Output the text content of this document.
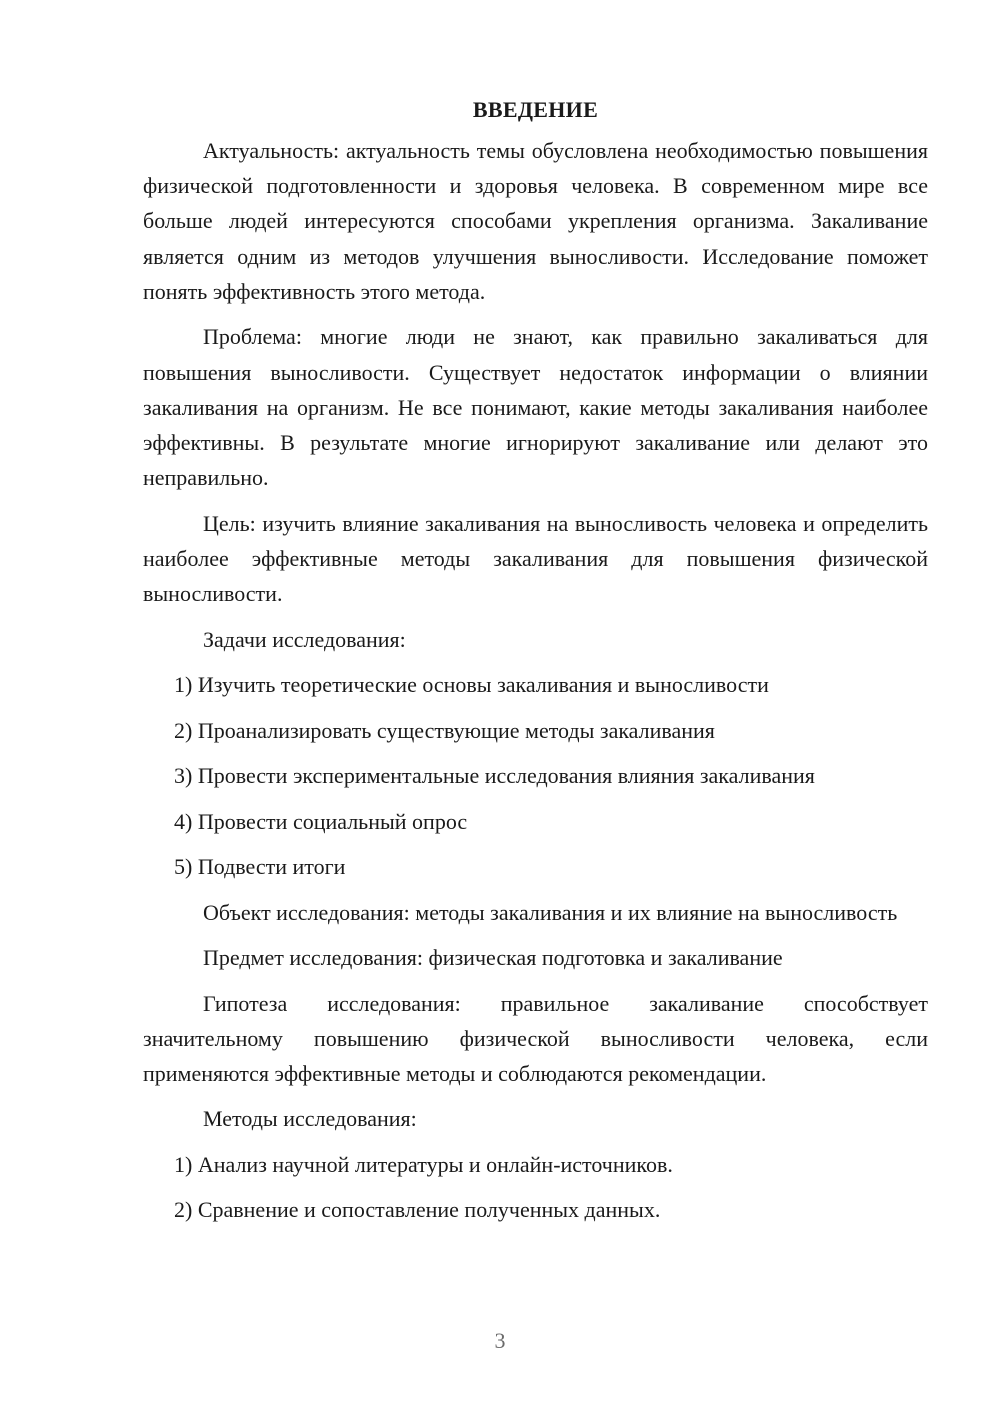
ВВЕДЕНИЕ

Актуальность: актуальность темы обусловлена необходимостью повышения физической подготовленности и здоровья человека. В современном мире все больше людей интересуются способами укрепления организма. Закаливание является одним из методов улучшения выносливости. Исследование поможет понять эффективность этого метода.

Проблема: многие люди не знают, как правильно закаливаться для повышения выносливости. Существует недостаток информации о влиянии закаливания на организм. Не все понимают, какие методы закаливания наиболее эффективны. В результате многие игнорируют закаливание или делают это неправильно.

Цель: изучить влияние закаливания на выносливость человека и определить наиболее эффективные методы закаливания для повышения физической выносливости.

Задачи исследования:

1) Изучить теоретические основы закаливания и выносливости
2) Проанализировать существующие методы закаливания
3) Провести экспериментальные исследования влияния закаливания
4) Провести социальный опрос
5) Подвести итоги

Объект исследования: методы закаливания и их влияние на выносливость

Предмет исследования: физическая подготовка и закаливание

Гипотеза исследования: правильное закаливание способствует значительному повышению физической выносливости человека, если применяются эффективные методы и соблюдаются рекомендации.

Методы исследования:

1) Анализ научной литературы и онлайн-источников.
2) Сравнение и сопоставление полученных данных.
3
